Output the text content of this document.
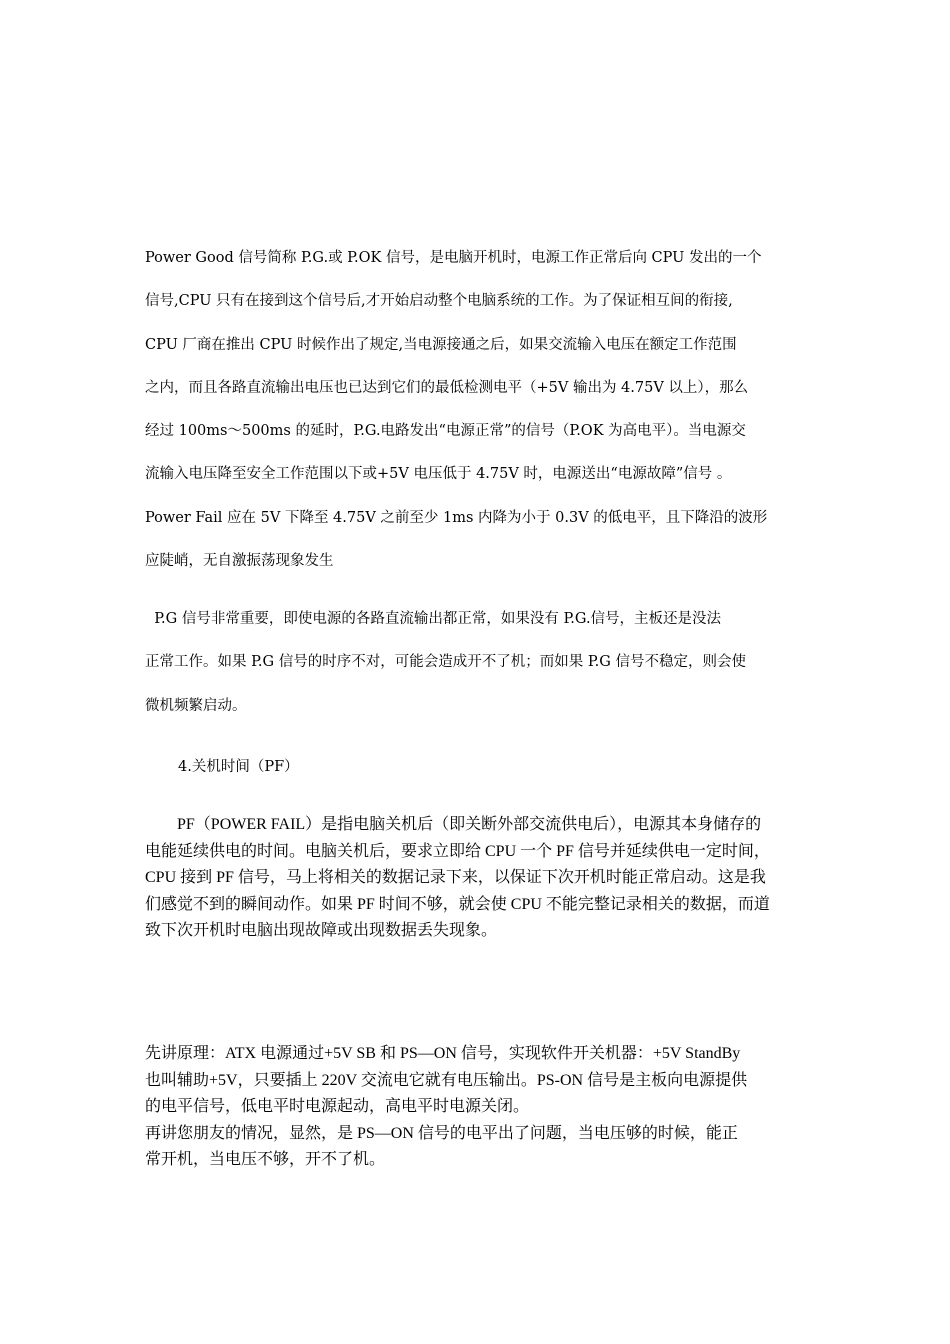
Power Good 信号简称 P.G.或 P.OK 信号，是电脑开机时，电源工作正常后向 CPU 发出的一个
信号,CPU 只有在接到这个信号后,才开始启动整个电脑系统的工作。为了保证相互间的衔接,
CPU 厂商在推出 CPU 时候作出了规定,当电源接通之后，如果交流输入电压在额定工作范围
之内，而且各路直流输出电压也已达到它们的最低检测电平（+5V 输出为 4.75V 以上），那么
经过 100ms～500ms 的延时，P.G.电路发出“电源正常”的信号（P.OK 为高电平）。当电源交
流输入电压降至安全工作范围以下或+5V 电压低于 4.75V 时，电源送出“电源故障”信号 。
Power Fail 应在 5V 下降至 4.75V 之前至少 1ms 内降为小于 0.3V 的低电平，且下降沿的波形
应陡峭，无自激振荡现象发生
P.G 信号非常重要，即使电源的各路直流输出都正常，如果没有 P.G.信号，主板还是没法
正常工作。如果 P.G 信号的时序不对，可能会造成开不了机；而如果 P.G 信号不稳定，则会使
微机频繁启动。
4.关机时间（PF）
PF（POWER FAIL）是指电脑关机后（即关断外部交流供电后），电源其本身储存的
电能延续供电的时间。电脑关机后，要求立即给 CPU 一个 PF 信号并延续供电一定时间，
CPU 接到 PF 信号，马上将相关的数据记录下来，以保证下次开机时能正常启动。这是我
们感觉不到的瞬间动作。如果 PF 时间不够，就会使 CPU 不能完整记录相关的数据，而道
致下次开机时电脑出现故障或出现数据丢失现象。
先讲原理：ATX 电源通过+5V SB 和 PS—ON 信号，实现软件开关机器：+5V StandBy
也叫辅助+5V，只要插上 220V 交流电它就有电压输出。PS-ON 信号是主板向电源提供
的电平信号，低电平时电源起动，高电平时电源关闭。
再讲您朋友的情况，显然，是 PS—ON 信号的电平出了问题，当电压够的时候，能正
常开机，当电压不够，开不了机。
